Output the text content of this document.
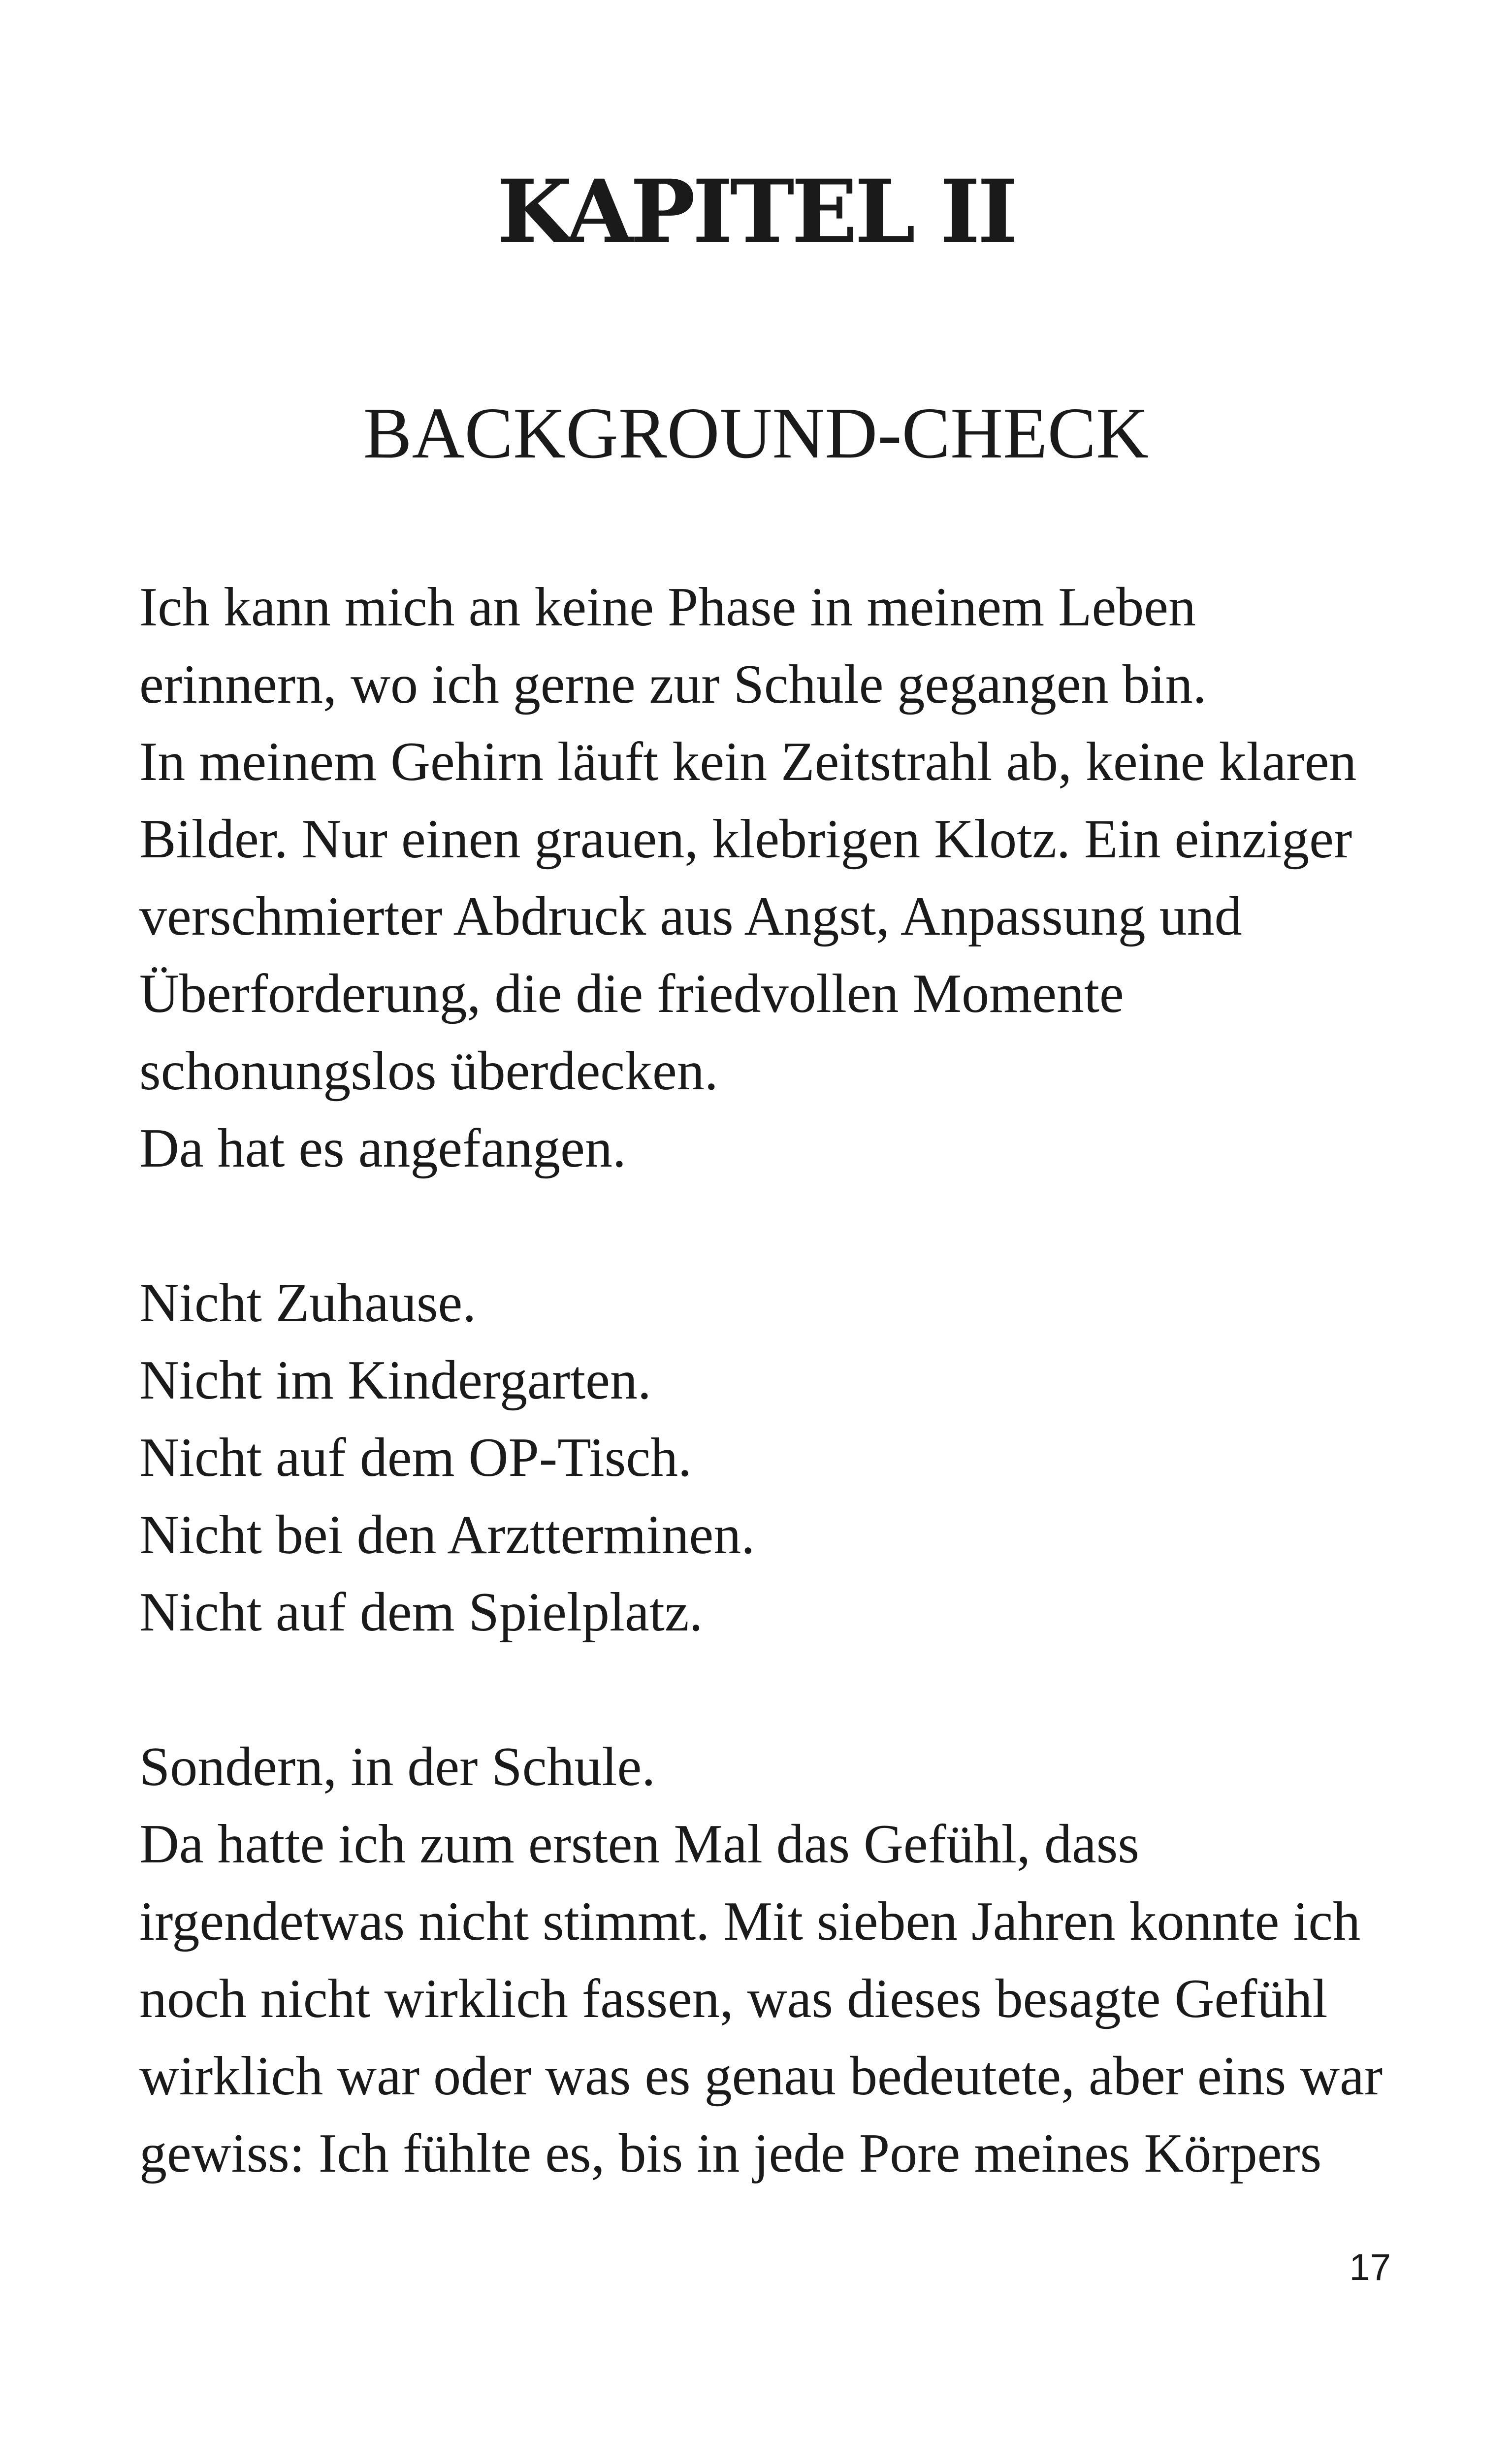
KAPITEL II
BACKGROUND-CHECK
Ich kann mich an keine Phase in meinem Leben
erinnern, wo ich gerne zur Schule gegangen bin.
In meinem Gehirn läuft kein Zeitstrahl ab, keine klaren
Bilder. Nur einen grauen, klebrigen Klotz. Ein einziger
verschmierter Abdruck aus Angst, Anpassung und
Überforderung, die die friedvollen Momente
schonungslos überdecken.
Da hat es angefangen.
Nicht Zuhause.
Nicht im Kindergarten.
Nicht auf dem OP-Tisch.
Nicht bei den Arztterminen.
Nicht auf dem Spielplatz.
Sondern, in der Schule.
Da hatte ich zum ersten Mal das Gefühl, dass
irgendetwas nicht stimmt. Mit sieben Jahren konnte ich
noch nicht wirklich fassen, was dieses besagte Gefühl
wirklich war oder was es genau bedeutete, aber eins war
gewiss: Ich fühlte es, bis in jede Pore meines Körpers
17
